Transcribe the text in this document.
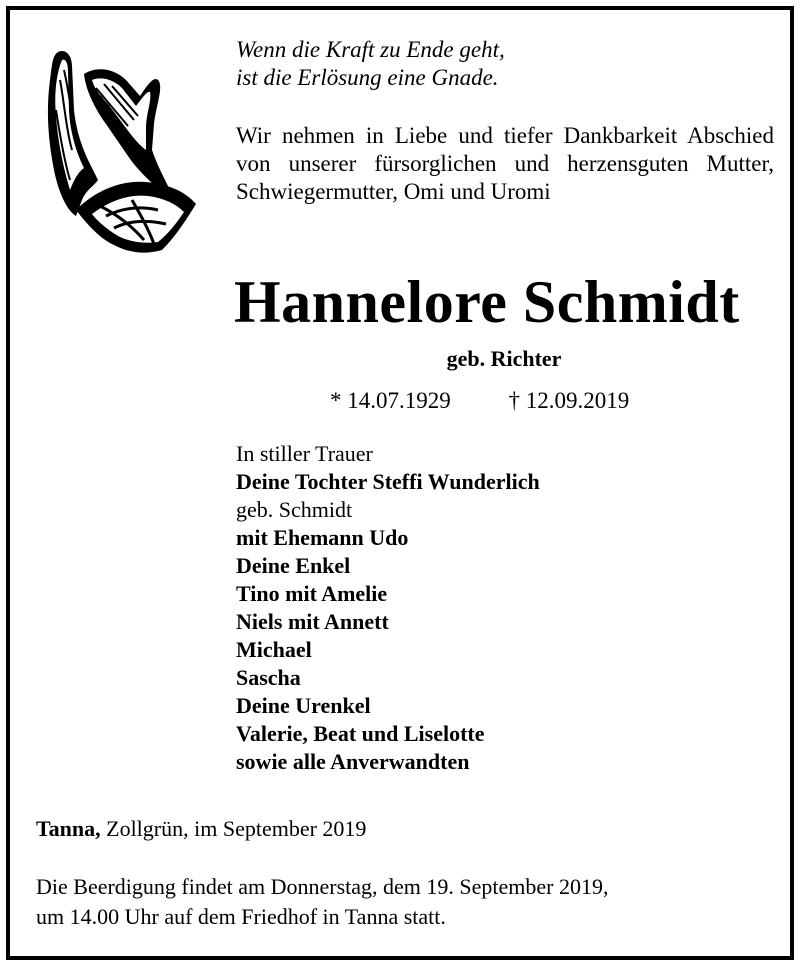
Wenn die Kraft zu Ende geht,
ist die Erlösung eine Gnade.
Wir nehmen in Liebe und tiefer Dankbarkeit Abschied von unserer fürsorglichen und herzensguten Mutter, Schwiegermutter, Omi und Uromi
Hannelore Schmidt
geb. Richter
* 14.07.1929	† 12.09.2019
In stiller Trauer
Deine Tochter Steffi Wunderlich
geb. Schmidt
mit Ehemann Udo
Deine Enkel
Tino mit Amelie
Niels mit Annett
Michael
Sascha
Deine Urenkel
Valerie, Beat und Liselotte
sowie alle Anverwandten
Tanna, Zollgrün, im September 2019
Die Beerdigung findet am Donnerstag, dem 19. September 2019,
um 14.00 Uhr auf dem Friedhof in Tanna statt.
